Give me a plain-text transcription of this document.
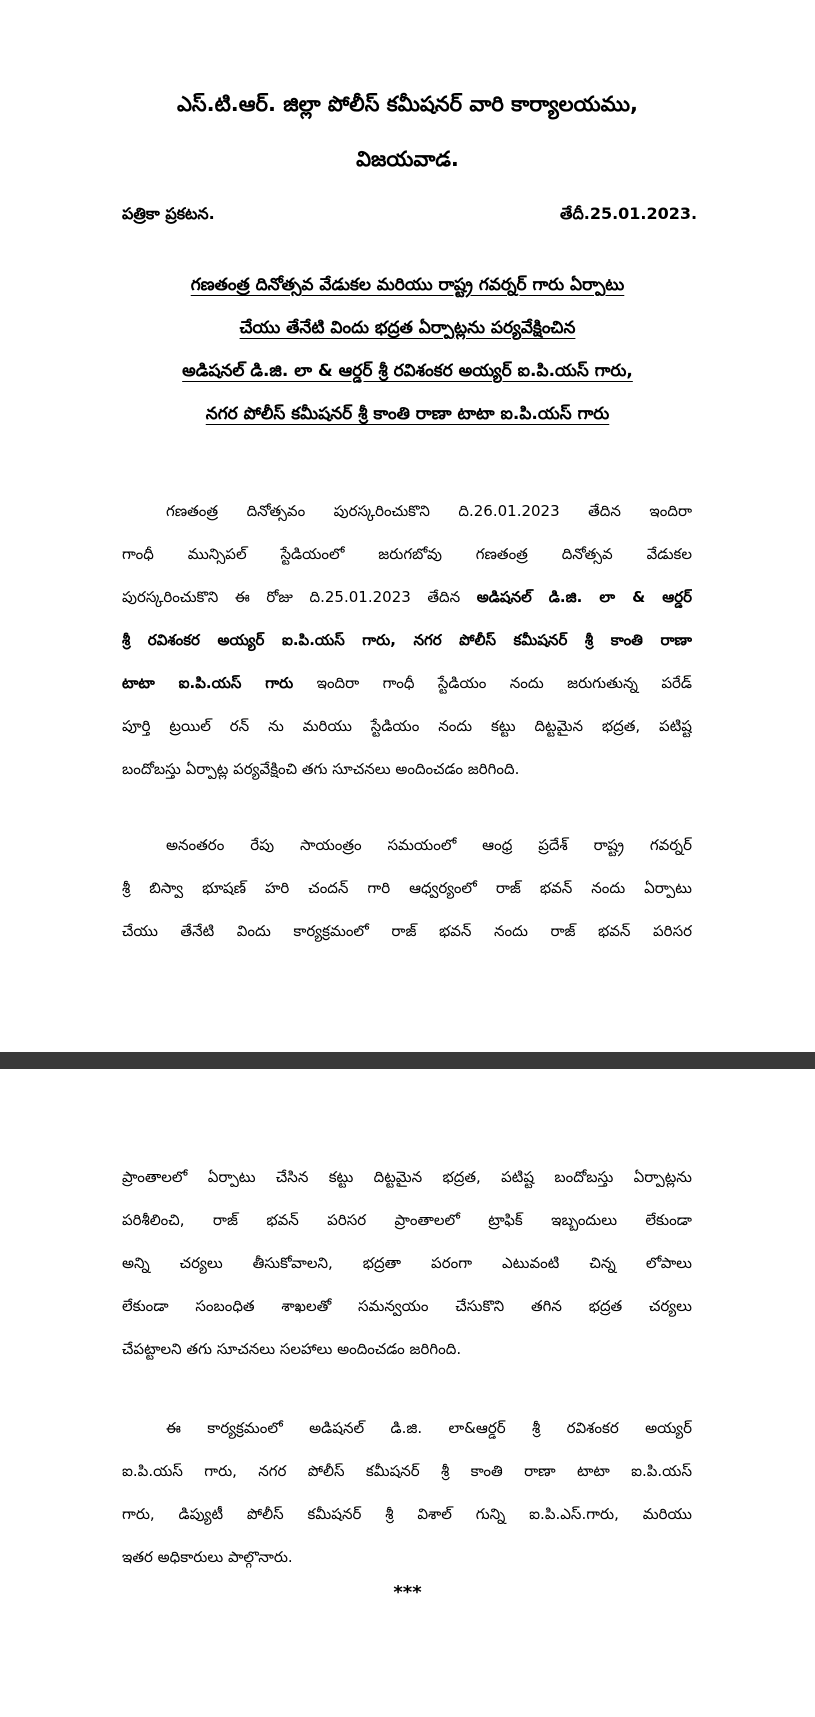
ఎస్.టి.ఆర్. జిల్లా పోలీస్ కమీషనర్ వారి కార్యాలయము,

విజయవాడ.

పత్రికా ప్రకటన.	తేదీ.25.01.2023.

గణతంత్ర దినోత్సవ వేడుకల మరియు రాష్ట్ర గవర్నర్ గారు ఏర్పాటు
చేయు తేనేటి విందు భద్రత ఏర్పాట్లను పర్యవేక్షించిన
అడిషనల్ డి.జి. లా & ఆర్డర్ శ్రీ రవిశంకర అయ్యర్ ఐ.పి.యస్ గారు,
నగర పోలీస్ కమీషనర్ శ్రీ కాంతి రాణా టాటా ఐ.పి.యస్ గారు
గణతంత్ర దినోత్సవం పురస్కరించుకొని ది.26.01.2023 తేదిన ఇందిరా
గాంధీ మున్సిపల్ స్టేడియంలో జరుగబోవు గణతంత్ర దినోత్సవ వేడుకల
పురస్కరించుకొని ఈ రోజు ది.25.01.2023 తేదిన అడిషనల్ డి.జి. లా & ఆర్డర్
శ్రీ రవిశంకర అయ్యర్ ఐ.పి.యస్ గారు, నగర పోలీస్ కమీషనర్ శ్రీ కాంతి రాణా
టాటా ఐ.పి.యస్ గారు ఇందిరా గాంధీ స్టేడియం నందు జరుగుతున్న పరేడ్
పూర్తి ట్రయిల్ రన్ ను మరియు స్టేడియం నందు కట్టు దిట్టమైన భద్రత, పటిష్ట
బందోబస్తు ఏర్పాట్ల పర్యవేక్షించి తగు సూచనలు అందించడం జరిగింది.
అనంతరం రేపు సాయంత్రం సమయంలో ఆంధ్ర ప్రదేశ్ రాష్ట్ర గవర్నర్
శ్రీ బిస్వా భూషణ్ హరి చందన్ గారి ఆధ్వర్యంలో రాజ్ భవన్ నందు ఏర్పాటు
చేయు తేనేటి విందు కార్యక్రమంలో రాజ్ భవన్ నందు రాజ్ భవన్ పరిసర
ప్రాంతాలలో ఏర్పాటు చేసిన కట్టు దిట్టమైన భద్రత, పటిష్ట బందోబస్తు ఏర్పాట్లను
పరిశీలించి, రాజ్ భవన్ పరిసర ప్రాంతాలలో ట్రాఫిక్ ఇబ్బందులు లేకుండా
అన్ని చర్యలు తీసుకోవాలని, భద్రతా పరంగా ఎటువంటి చిన్న లోపాలు
లేకుండా సంబంధిత శాఖలతో సమన్వయం చేసుకొని తగిన భద్రత చర్యలు
చేపట్టాలని తగు సూచనలు సలహాలు అందించడం జరిగింది.
ఈ కార్యక్రమంలో అడిషనల్ డి.జి. లా&ఆర్డర్ శ్రీ రవిశంకర అయ్యర్
ఐ.పి.యస్ గారు, నగర పోలీస్ కమీషనర్ శ్రీ కాంతి రాణా టాటా ఐ.పి.యస్
గారు, డిప్యుటీ పోలీస్ కమీషనర్ శ్రీ విశాల్ గున్ని ఐ.పి.ఎస్.గారు, మరియు
ఇతర అధికారులు పాల్గొనారు.

***
